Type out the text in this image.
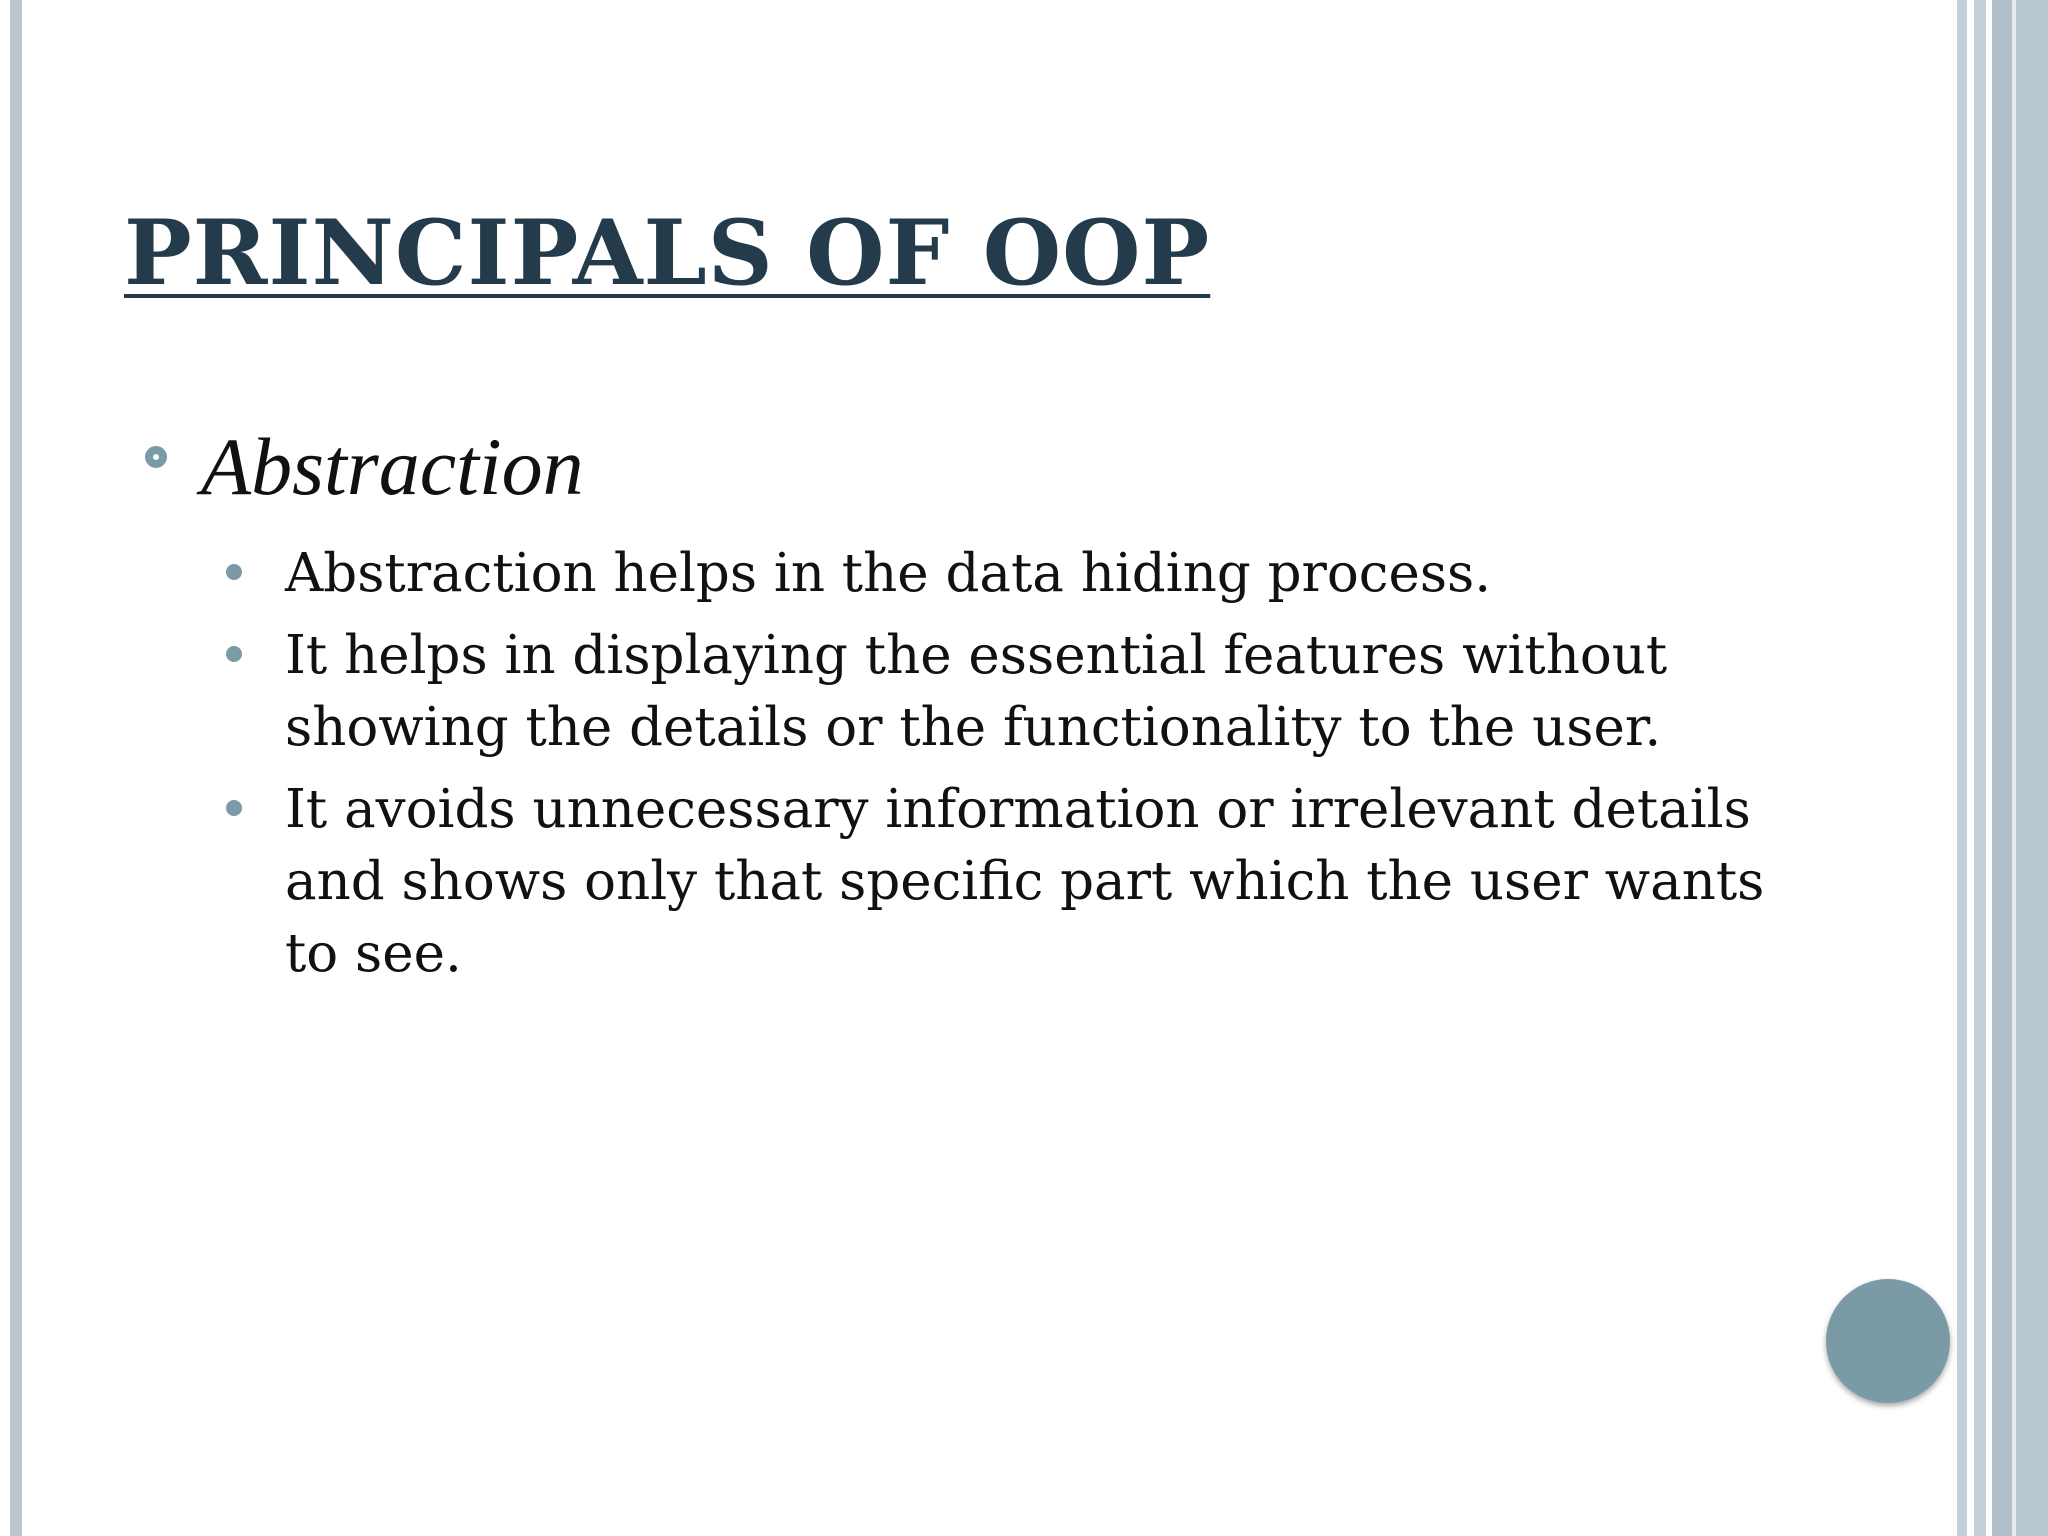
PRINCIPALS OF OOP
Abstraction
Abstraction helps in the data hiding process.
It helps in displaying the essential features without showing the details or the functionality to the user.
It avoids unnecessary information or irrelevant details and shows only that specific part which the user wants to see.
